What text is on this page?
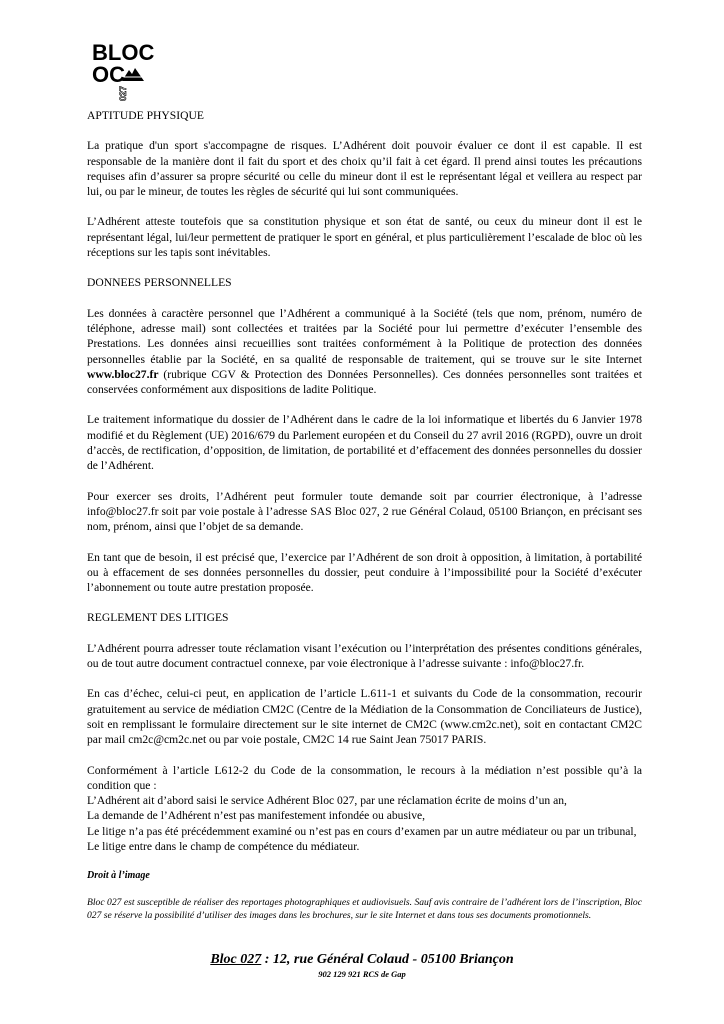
BLOC
OC
027
APTITUDE PHYSIQUE

La pratique d'un sport s'accompagne de risques. L’Adhérent doit pouvoir évaluer ce dont il est capable. Il est responsable de la manière dont il fait du sport et des choix qu’il fait à cet égard. Il prend ainsi toutes les précautions requises afin d’assurer sa propre sécurité ou celle du mineur dont il est le représentant légal et veillera au respect par lui, ou par le mineur, de toutes les règles de sécurité qui lui sont communiquées.

L’Adhérent atteste toutefois que sa constitution physique et son état de santé, ou ceux du mineur dont il est le représentant légal, lui/leur permettent de pratiquer le sport en général, et plus particulièrement l’escalade de bloc où les réceptions sur les tapis sont inévitables.

DONNEES PERSONNELLES

Les données à caractère personnel que l’Adhérent a communiqué à la Société (tels que nom, prénom, numéro de téléphone, adresse mail) sont collectées et traitées par la Société pour lui permettre d’exécuter l’ensemble des Prestations. Les données ainsi recueillies sont traitées conformément à la Politique de protection des données personnelles établie par la Société, en sa qualité de responsable de traitement, qui se trouve sur le site Internet www.bloc27.fr (rubrique CGV & Protection des Données Personnelles). Ces données personnelles sont traitées et conservées conformément aux dispositions de ladite Politique.

Le traitement informatique du dossier de l’Adhérent dans le cadre de la loi informatique et libertés du 6 Janvier 1978 modifié et du Règlement (UE) 2016/679 du Parlement européen et du Conseil du 27 avril 2016 (RGPD), ouvre un droit d’accès, de rectification, d’opposition, de limitation, de portabilité et d’effacement des données personnelles du dossier de l’Adhérent.

Pour exercer ses droits, l’Adhérent peut formuler toute demande soit par courrier électronique, à l’adresse info@bloc27.fr soit par voie postale à l’adresse SAS Bloc 027, 2 rue Général Colaud, 05100 Briançon, en précisant ses nom, prénom, ainsi que l’objet de sa demande.

En tant que de besoin, il est précisé que, l’exercice par l’Adhérent de son droit à opposition, à limitation, à portabilité ou à effacement de ses données personnelles du dossier, peut conduire à l’impossibilité pour la Société d’exécuter l’abonnement ou toute autre prestation proposée.

REGLEMENT DES LITIGES

L’Adhérent pourra adresser toute réclamation visant l’exécution ou l’interprétation des présentes conditions générales, ou de tout autre document contractuel connexe, par voie électronique à l’adresse suivante : info@bloc27.fr.

En cas d’échec, celui-ci peut, en application de l’article L.611-1 et suivants du Code de la consommation, recourir gratuitement au service de médiation CM2C (Centre de la Médiation de la Consommation de Conciliateurs de Justice), soit en remplissant le formulaire directement sur le site internet de CM2C (www.cm2c.net), soit en contactant CM2C par mail cm2c@cm2c.net ou par voie postale, CM2C 14 rue Saint Jean 75017 PARIS.

Conformément à l’article L612-2 du Code de la consommation, le recours à la médiation n’est possible qu’à la condition que :

L’Adhérent ait d’abord saisi le service Adhérent Bloc 027, par une réclamation écrite de moins d’un an,
La demande de l’Adhérent n’est pas manifestement infondée ou abusive,
Le litige n’a pas été précédemment examiné ou n’est pas en cours d’examen par un autre médiateur ou par un tribunal,
Le litige entre dans le champ de compétence du médiateur.
Droit à l’image

Bloc 027 est susceptible de réaliser des reportages photographiques et audiovisuels. Sauf avis contraire de l’adhérent lors de l’inscription, Bloc 027 se réserve la possibilité d’utiliser des images dans les brochures, sur le site Internet et dans tous ses documents promotionnels.

Bloc 027 : 12, rue Général Colaud - 05100 Briançon
902 129 921 RCS de Gap
